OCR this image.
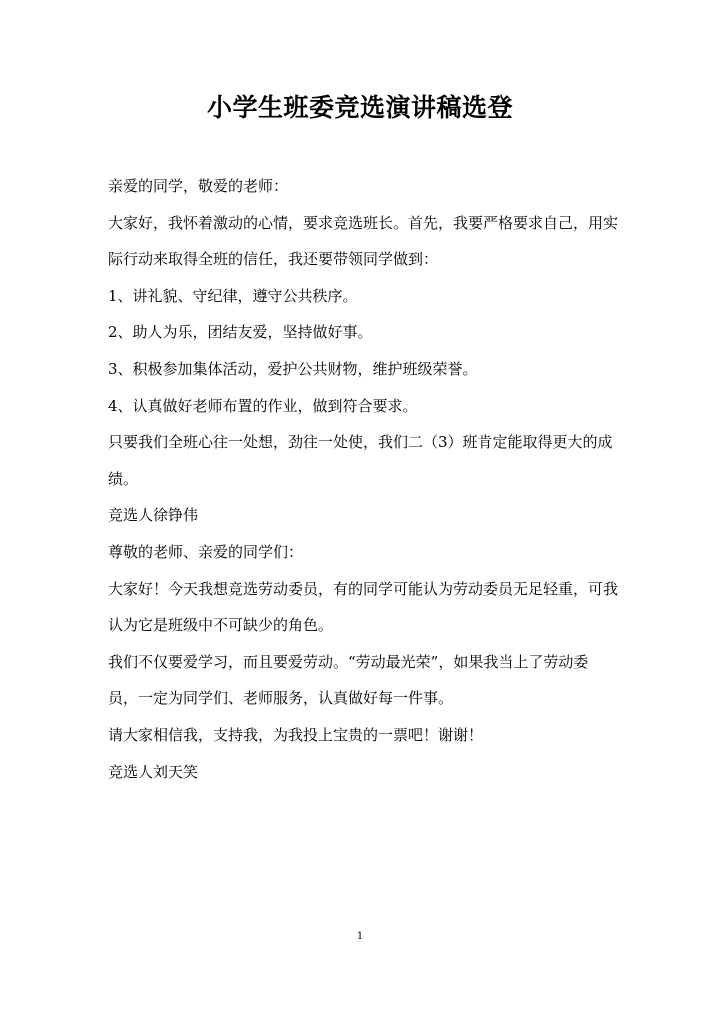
小学生班委竞选演讲稿选登

亲爱的同学，敬爱的老师：

大家好，我怀着激动的心情，要求竞选班长。首先，我要严格要求自己，用实际行动来取得全班的信任，我还要带领同学做到：

1、讲礼貌、守纪律，遵守公共秩序。

2、助人为乐，团结友爱，坚持做好事。

3、积极参加集体活动，爱护公共财物，维护班级荣誉。

4、认真做好老师布置的作业，做到符合要求。

只要我们全班心往一处想，劲往一处使，我们二（3）班肯定能取得更大的成绩。

竞选人徐铮伟

尊敬的老师、亲爱的同学们：

大家好！今天我想竞选劳动委员，有的同学可能认为劳动委员无足轻重，可我认为它是班级中不可缺少的角色。

我们不仅要爱学习，而且要爱劳动。“劳动最光荣”，如果我当上了劳动委员，一定为同学们、老师服务，认真做好每一件事。

请大家相信我，支持我，为我投上宝贵的一票吧！谢谢！

竞选人刘天笑

1
